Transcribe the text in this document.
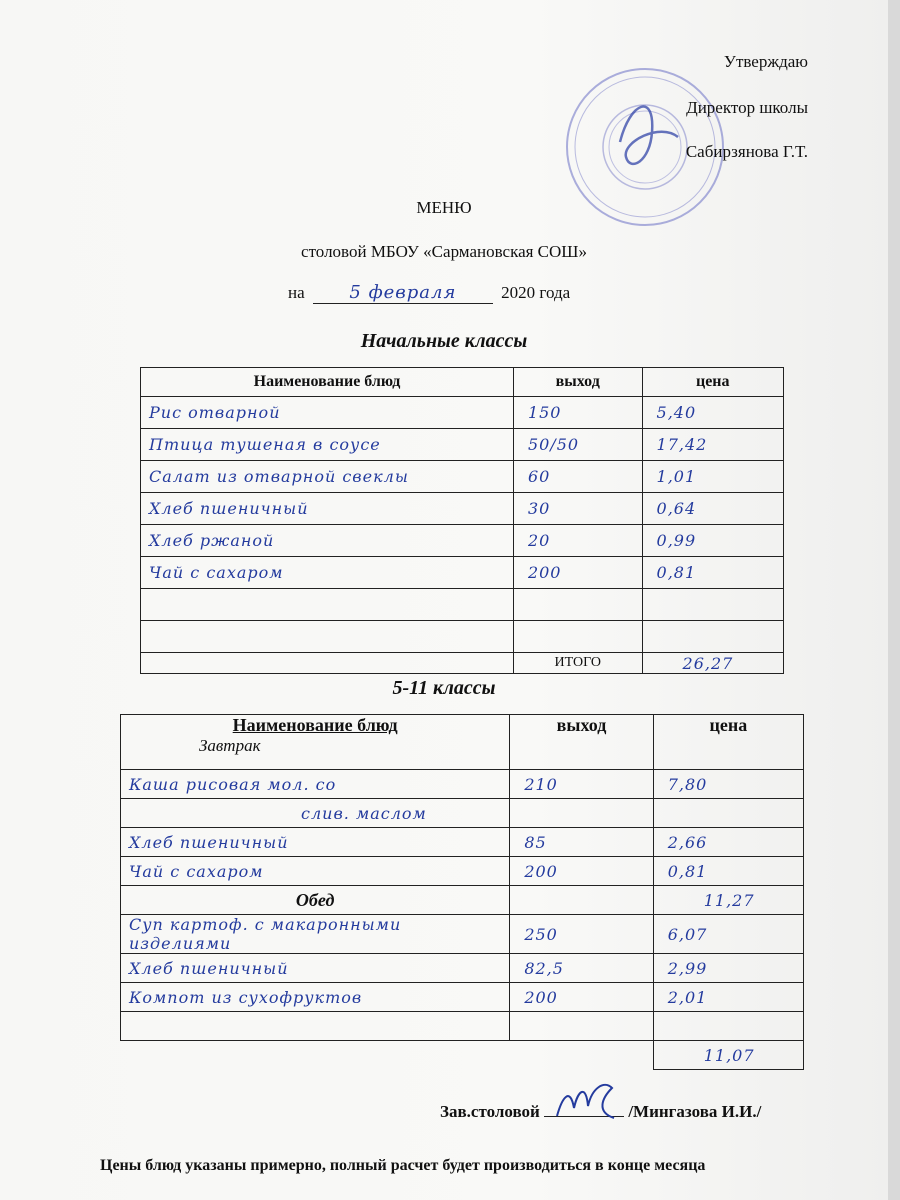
Утверждаю
Директор школы
Сабирзянова Г.Т.
МЕНЮ
столовой МБОУ «Сармановская СОШ»
на 5 февраля	2020 года
Начальные классы
Наименование блюд	выход	цена
Рис отварной	150	5,40
Птица тушеная в соусе	50/50	17,42
Салат из отварной свеклы	60	1,01
Хлеб пшеничный	30	0,64
Хлеб ржаной	20	0,99
Чай с сахаром	200	0,81

	ИТОГО	26,27
5-11 классы
Наименование блюд
Завтрак	выход	цена
Каша рисовая мол. со	210	7,80
слив. маслом		
Хлеб пшеничный	85	2,66
Чай с сахаром	200	0,81
Обед		11,27
Суп картоф. с макаронными изделиями	250	6,07
Хлеб пшеничный	82,5	2,99
Компот из сухофруктов	200	2,01

		11,07
Зав.столовой	/Мингазова И.И./
Цены блюд указаны примерно, полный расчет будет производиться в конце месяца
